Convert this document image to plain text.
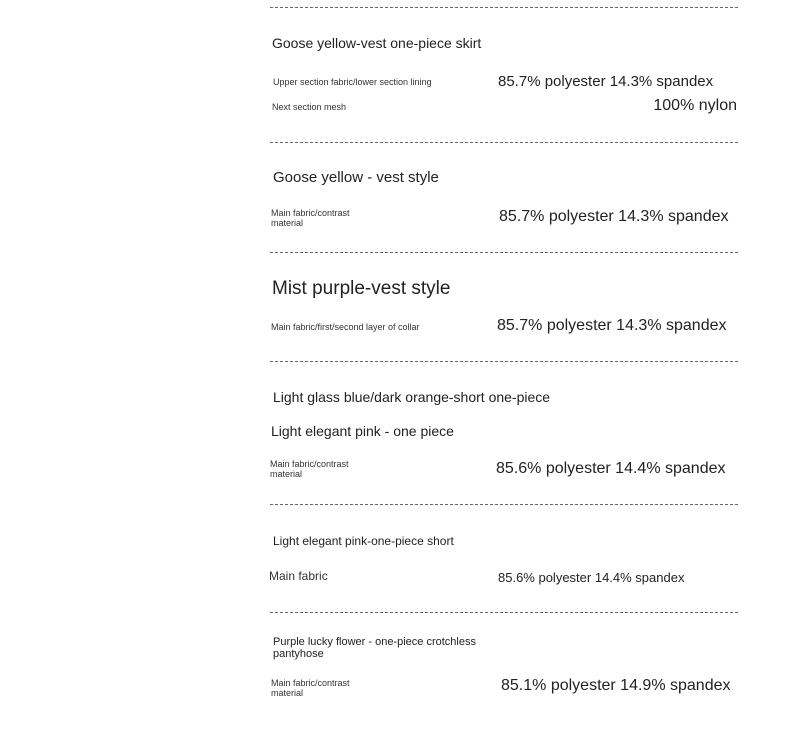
Goose yellow-vest one-piece skirt
Upper section fabric/lower section lining	85.7% polyester 14.3% spandex
Next section mesh	100% nylon
Goose yellow - vest style
Main fabric/contrast material	85.7% polyester 14.3% spandex
Mist purple-vest style
Main fabric/first/second layer of collar	85.7% polyester 14.3% spandex
Light glass blue/dark orange-short one-piece
Light elegant pink - one piece
Main fabric/contrast material	85.6% polyester 14.4% spandex
Light elegant pink-one-piece short
Main fabric	85.6% polyester 14.4% spandex
Purple lucky flower - one-piece crotchless pantyhose
Main fabric/contrast material	85.1% polyester 14.9% spandex
